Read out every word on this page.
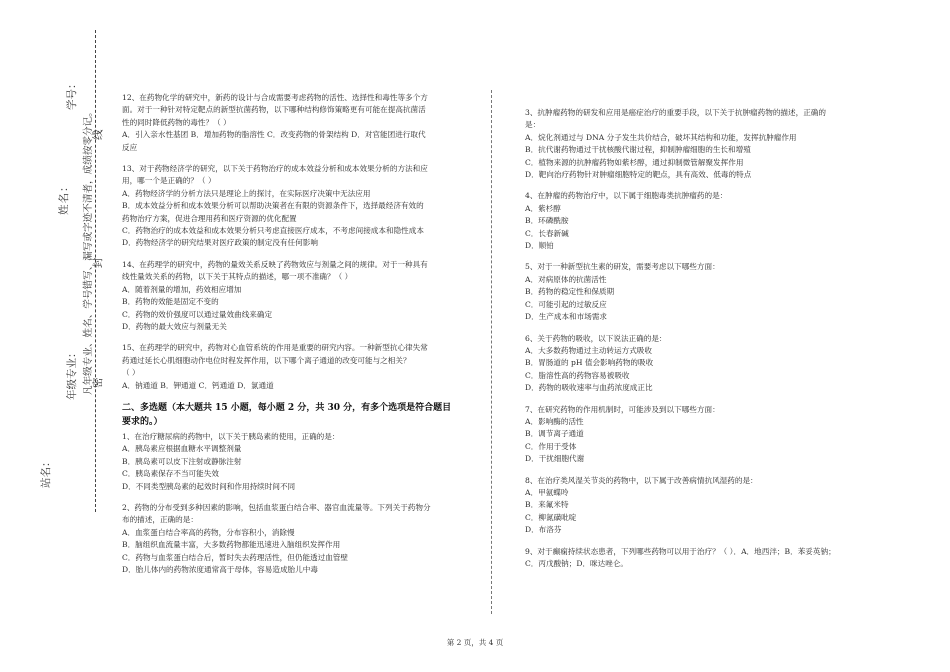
学号：
姓名：	凡年级专业、姓名、学号错写、漏写或字迹不清者，成绩按零分记。
年级专业：
线
封
密
站名：

12、在药物化学的研究中，新药的设计与合成需要考虑药物的活性、选择性和毒性等多个方

面。对于一种针对特定靶点的新型抗菌药物，以下哪种结构修饰策略更有可能在提高抗菌活

性的同时降低药物的毒性？（ ）

A．引入亲水性基团 B．增加药物的脂溶性 C．改变药物的骨架结构 D．对官能团进行取代

反应

13、对于药物经济学的研究，以下关于药物治疗的成本效益分析和成本效果分析的方法和应

用，哪一个是正确的？（ ）

A．药物经济学的分析方法只是理论上的探讨，在实际医疗决策中无法应用

B．成本效益分析和成本效果分析可以帮助决策者在有限的资源条件下，选择最经济有效的

药物治疗方案，促进合理用药和医疗资源的优化配置

C．药物治疗的成本效益和成本效果分析只考虑直接医疗成本，不考虑间接成本和隐性成本

D．药物经济学的研究结果对医疗政策的制定没有任何影响

14、在药理学的研究中，药物的量效关系反映了药物效应与剂量之间的规律。对于一种具有

线性量效关系的药物，以下关于其特点的描述，哪一项不准确？（ ）

A．随着剂量的增加，药效相应增加

B．药物的效能是固定不变的

C．药物的效价强度可以通过量效曲线来确定

D．药物的最大效应与剂量无关

15、在药理学的研究中，药物对心血管系统的作用是重要的研究内容。一种新型抗心律失常

药通过延长心肌细胞动作电位时程发挥作用，以下哪个离子通道的改变可能与之相关？

（ ）

A．钠通道 B．钾通道 C．钙通道 D．氯通道

二、多选题（本大题共 15 小题，每小题 2 分，共 30 分，有多个选项是符合题目

要求的。）

1、在治疗糖尿病的药物中，以下关于胰岛素的使用，正确的是：

A．胰岛素应根据血糖水平调整剂量

B．胰岛素可以皮下注射或静脉注射

C．胰岛素保存不当可能失效

D．不同类型胰岛素的起效时间和作用持续时间不同

2、药物的分布受到多种因素的影响，包括血浆蛋白结合率、器官血流量等。下列关于药物分

布的描述，正确的是：

A．血浆蛋白结合率高的药物，分布容积小，消除慢

B．脑组织血流量丰富，大多数药物都能迅速进入脑组织发挥作用

C．药物与血浆蛋白结合后，暂时失去药理活性，但仍能透过血管壁

D．胎儿体内的药物浓度通常高于母体，容易造成胎儿中毒

3、抗肿瘤药物的研发和应用是癌症治疗的重要手段，以下关于抗肿瘤药物的描述，正确的

是：

A．烷化剂通过与 DNA 分子发生共价结合，破坏其结构和功能，发挥抗肿瘤作用

B．抗代谢药物通过干扰核酸代谢过程，抑制肿瘤细胞的生长和增殖

C．植物来源的抗肿瘤药物如紫杉醇，通过抑制微管解聚发挥作用

D．靶向治疗药物针对肿瘤细胞特定的靶点，具有高效、低毒的特点

4、在肿瘤的药物治疗中，以下属于细胞毒类抗肿瘤药的是：

A．紫杉醇

B．环磷酰胺

C．长春新碱

D．顺铂

5、对于一种新型抗生素的研发，需要考虑以下哪些方面：

A．对病原体的抗菌活性

B．药物的稳定性和保质期

C．可能引起的过敏反应

D．生产成本和市场需求

6、关于药物的吸收，以下说法正确的是：

A．大多数药物通过主动转运方式吸收

B．胃肠道的 pH 值会影响药物的吸收

C．脂溶性高的药物容易被吸收

D．药物的吸收速率与血药浓度成正比

7、在研究药物的作用机制时，可能涉及到以下哪些方面：

A．影响酶的活性

B．调节离子通道

C．作用于受体

D．干扰细胞代谢

8、在治疗类风湿关节炎的药物中，以下属于改善病情抗风湿药的是：

A．甲氨蝶呤

B．来氟米特

C．柳氮磺吡啶

D．布洛芬

9、对于癫痫持续状态患者，下列哪些药物可以用于治疗？（ ）．A．地西泮；B．苯妥英钠；

C．丙戊酸钠；D．咪达唑仑。

第 2 页，共 4 页
